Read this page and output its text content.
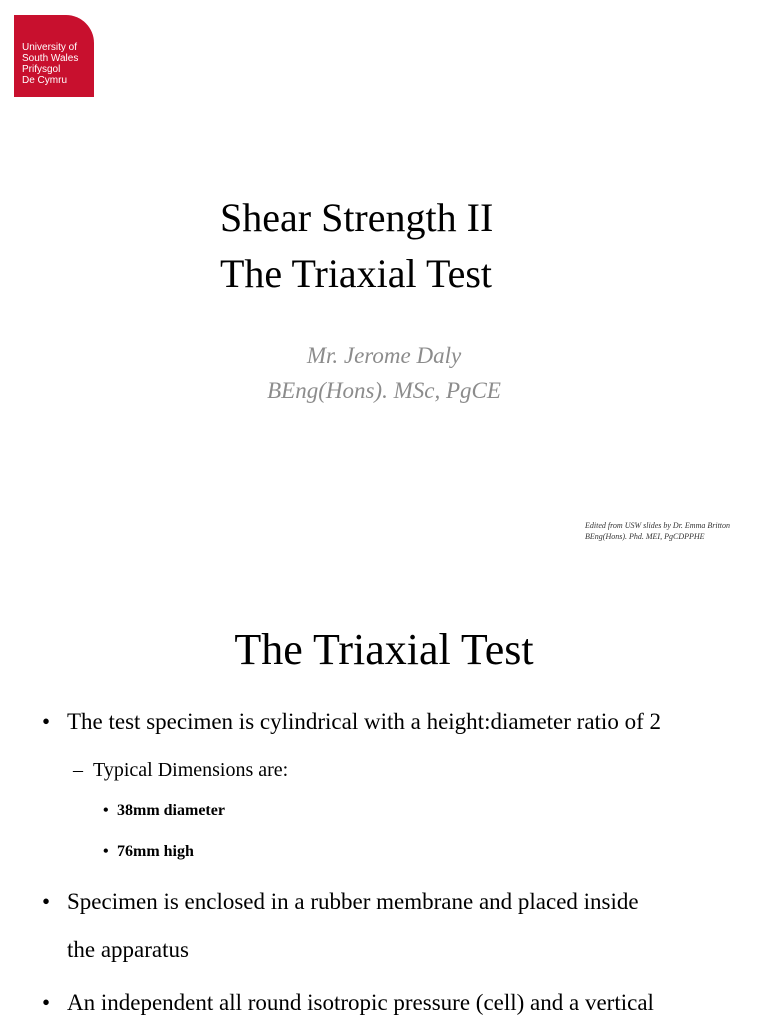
University of
South Wales
Prifysgol
De Cymru
Shear Strength II
The Triaxial Test
Mr. Jerome Daly
BEng(Hons). MSc, PgCE
Edited from USW slides by Dr. Emma Britton
BEng(Hons). Phd. MEI, PgCDPPHE
The Triaxial Test
• The test specimen is cylindrical with a height:diameter ratio of 2
– Typical Dimensions are:
• 38mm diameter
• 76mm high
• Specimen is enclosed in a rubber membrane and placed inside
the apparatus
• An independent all round isotropic pressure (cell) and a vertical
